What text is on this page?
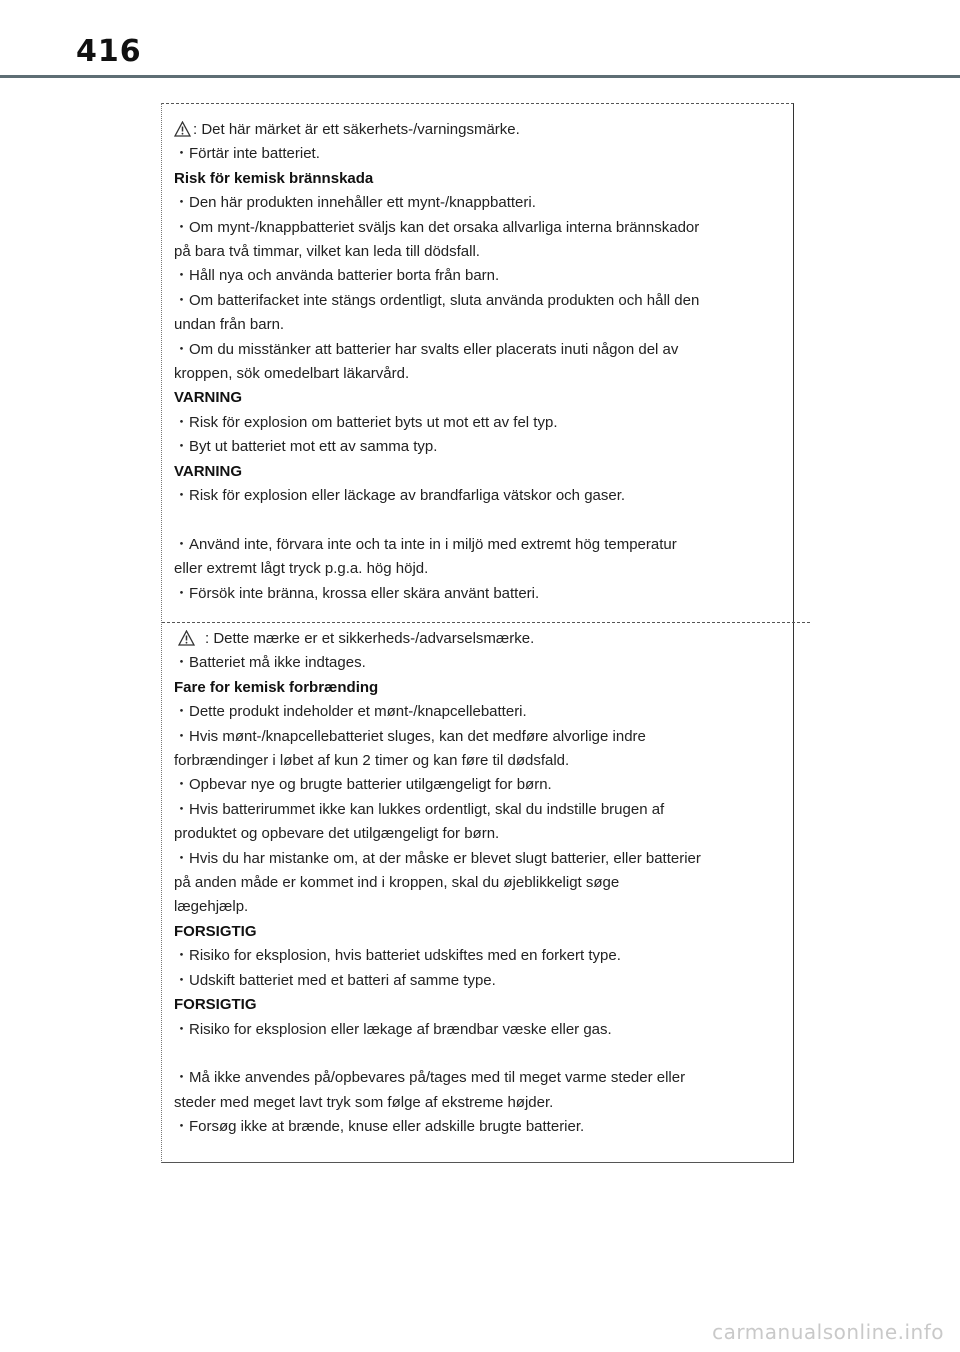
416
: Det här märket är ett säkerhets-/varningsmärke.
・Förtär inte batteriet.
Risk för kemisk brännskada
・Den här produkten innehåller ett mynt-/knappbatteri.
・Om mynt-/knappbatteriet sväljs kan det orsaka allvarliga interna brännskador
på bara två timmar, vilket kan leda till dödsfall.
・Håll nya och använda batterier borta från barn.
・Om batterifacket inte stängs ordentligt, sluta använda produkten och håll den
undan från barn.
・Om du misstänker att batterier har svalts eller placerats inuti någon del av
kroppen, sök omedelbart läkarvård.
VARNING
・Risk för explosion om batteriet byts ut mot ett av fel typ.
・Byt ut batteriet mot ett av samma typ.
VARNING
・Risk för explosion eller läckage av brandfarliga vätskor och gaser.
・Använd inte, förvara inte och ta inte in i miljö med extremt hög temperatur
eller extremt lågt tryck p.g.a. hög höjd.
・Försök inte bränna, krossa eller skära använt batteri.
: Dette mærke er et sikkerheds-/advarselsmærke.
・Batteriet må ikke indtages.
Fare for kemisk forbrænding
・Dette produkt indeholder et mønt-/knapcellebatteri.
・Hvis mønt-/knapcellebatteriet sluges, kan det medføre alvorlige indre
forbrændinger i løbet af kun 2 timer og kan føre til dødsfald.
・Opbevar nye og brugte batterier utilgængeligt for børn.
・Hvis batterirummet ikke kan lukkes ordentligt, skal du indstille brugen af
produktet og opbevare det utilgængeligt for børn.
・Hvis du har mistanke om, at der måske er blevet slugt batterier, eller batterier
på anden måde er kommet ind i kroppen, skal du øjeblikkeligt søge
lægehjælp.
FORSIGTIG
・Risiko for eksplosion, hvis batteriet udskiftes med en forkert type.
・Udskift batteriet med et batteri af samme type.
FORSIGTIG
・Risiko for eksplosion eller lækage af brændbar væske eller gas.
・Må ikke anvendes på/opbevares på/tages med til meget varme steder eller
steder med meget lavt tryk som følge af ekstreme højder.
・Forsøg ikke at brænde, knuse eller adskille brugte batterier.
carmanualsonline.info
